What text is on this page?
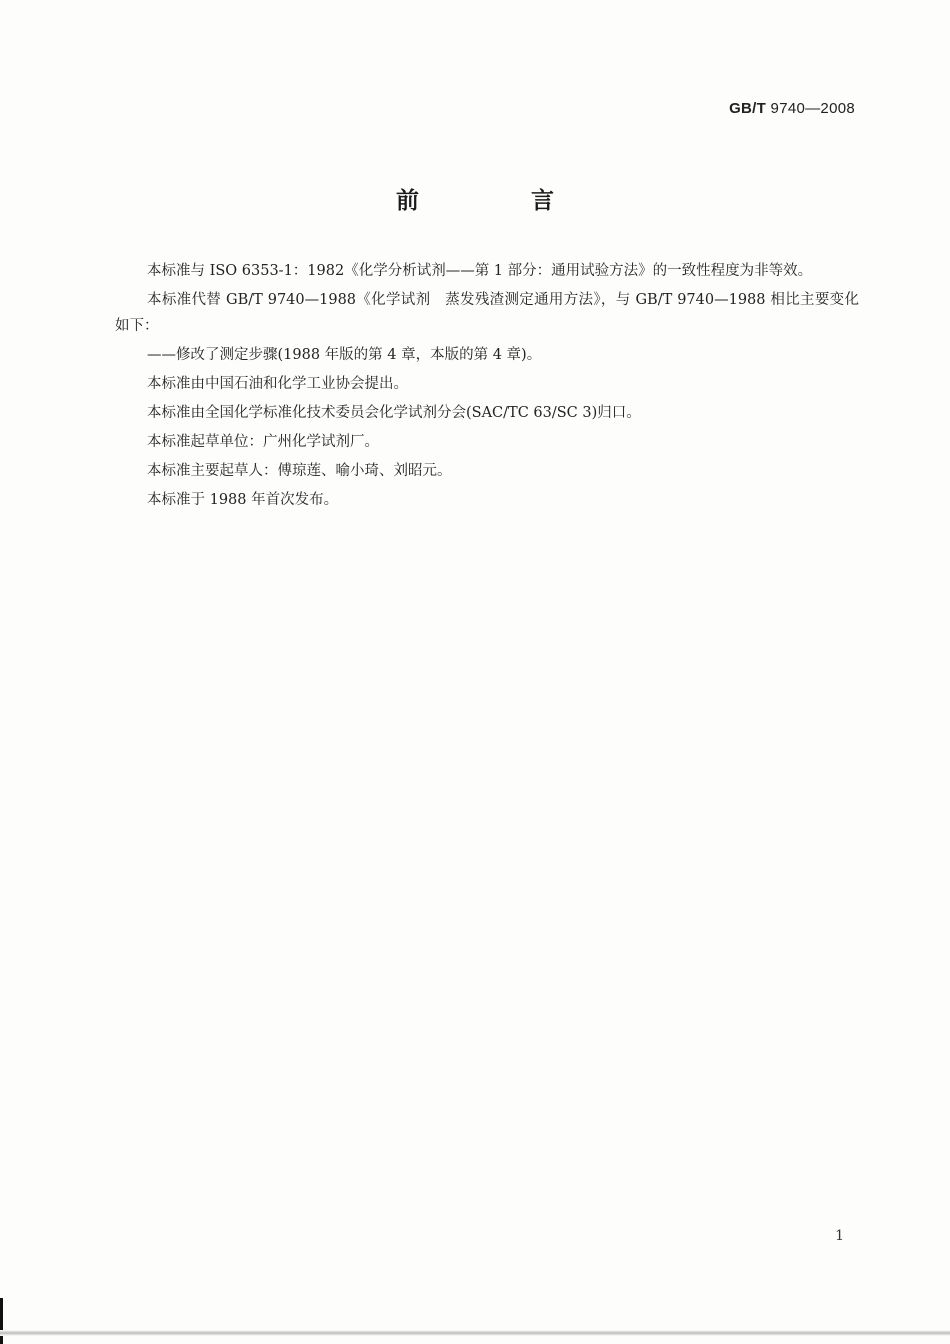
GB/T 9740—2008
前 言

本标准与 ISO 6353-1：1982《化学分析试剂——第 1 部分：通用试验方法》的一致性程度为非等效。

本标准代替 GB/T 9740—1988《化学试剂　蒸发残渣测定通用方法》，与 GB/T 9740—1988 相比主要变化如下：

——修改了测定步骤(1988 年版的第 4 章，本版的第 4 章)。

本标准由中国石油和化学工业协会提出。

本标准由全国化学标准化技术委员会化学试剂分会(SAC/TC 63/SC 3)归口。

本标准起草单位：广州化学试剂厂。

本标准主要起草人：傅琼莲、喻小琦、刘昭元。

本标准于 1988 年首次发布。

1
